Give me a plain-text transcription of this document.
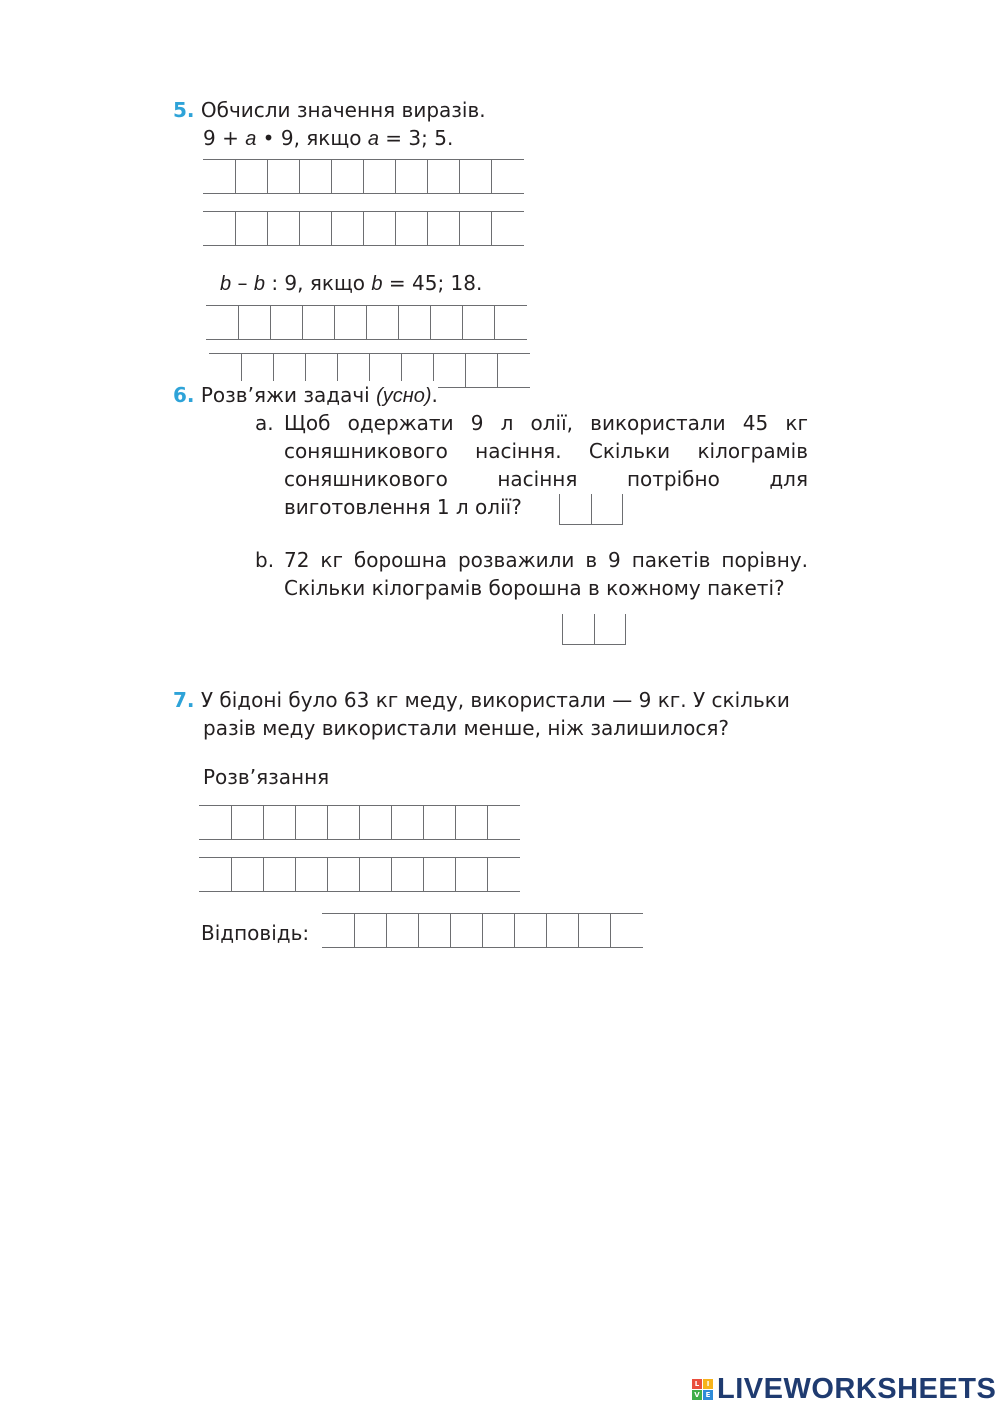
5. Обчисли значення виразів.
9 + a • 9, якщо a = 3; 5.
b – b : 9, якщо b = 45; 18.
6. Розв’яжи задачі (усно).
a. Щоб одержати 9 л олії, використали 45 кг
соняшникового насіння. Скільки кілограмів
соняшникового насіння потрібно для
виготовлення 1 л олії?
b. 72 кг борошна розважили в 9 пакетів порівну.
Скільки кілограмів борошна в кожному пакеті?
7. У бідоні було 63 кг меду, використали — 9 кг. У скільки
разів меду використали менше, ніж залишилося?
Розв’язання
Відповідь:
L	I
V E LIVEWORKSHEETS
